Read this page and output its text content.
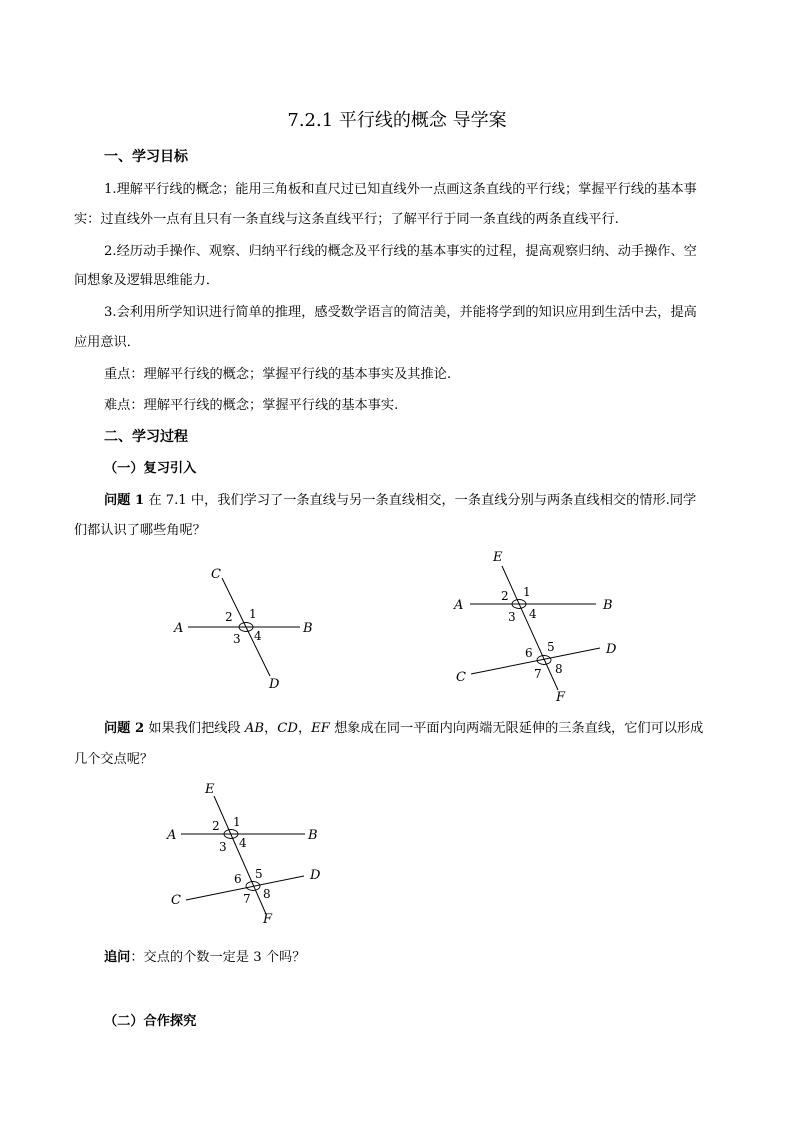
7.2.1 平行线的概念 导学案
一、学习目标
1.理解平行线的概念；能用三角板和直尺过已知直线外一点画这条直线的平行线；掌握平行线的基本事
实：过直线外一点有且只有一条直线与这条直线平行；了解平行于同一条直线的两条直线平行.
2.经历动手操作、观察、归纳平行线的概念及平行线的基本事实的过程，提高观察归纳、动手操作、空
间想象及逻辑思维能力．
3.会利用所学知识进行简单的推理，感受数学语言的简洁美，并能将学到的知识应用到生活中去，提高
应用意识．
重点：理解平行线的概念；掌握平行线的基本事实及其推论.
难点：理解平行线的概念；掌握平行线的基本事实.
二、学习过程
（一）复习引入
问题 1 在 7.1 中，我们学习了一条直线与另一条直线相交，一条直线分别与两条直线相交的情形.同学
们都认识了哪些角呢？
A	B
C
D
1
2
3 4
A	B
C
D
E
F
1
2
3 4
5
6
7 8
问题 2 如果我们把线段 AB，CD，EF 想象成在同一平面内向两端无限延伸的三条直线，它们可以形成
几个交点呢？
A	B
C
D
E
F
1
2
3 4
5
6
7 8
追问：交点的个数一定是 3 个吗？
（二）合作探究
